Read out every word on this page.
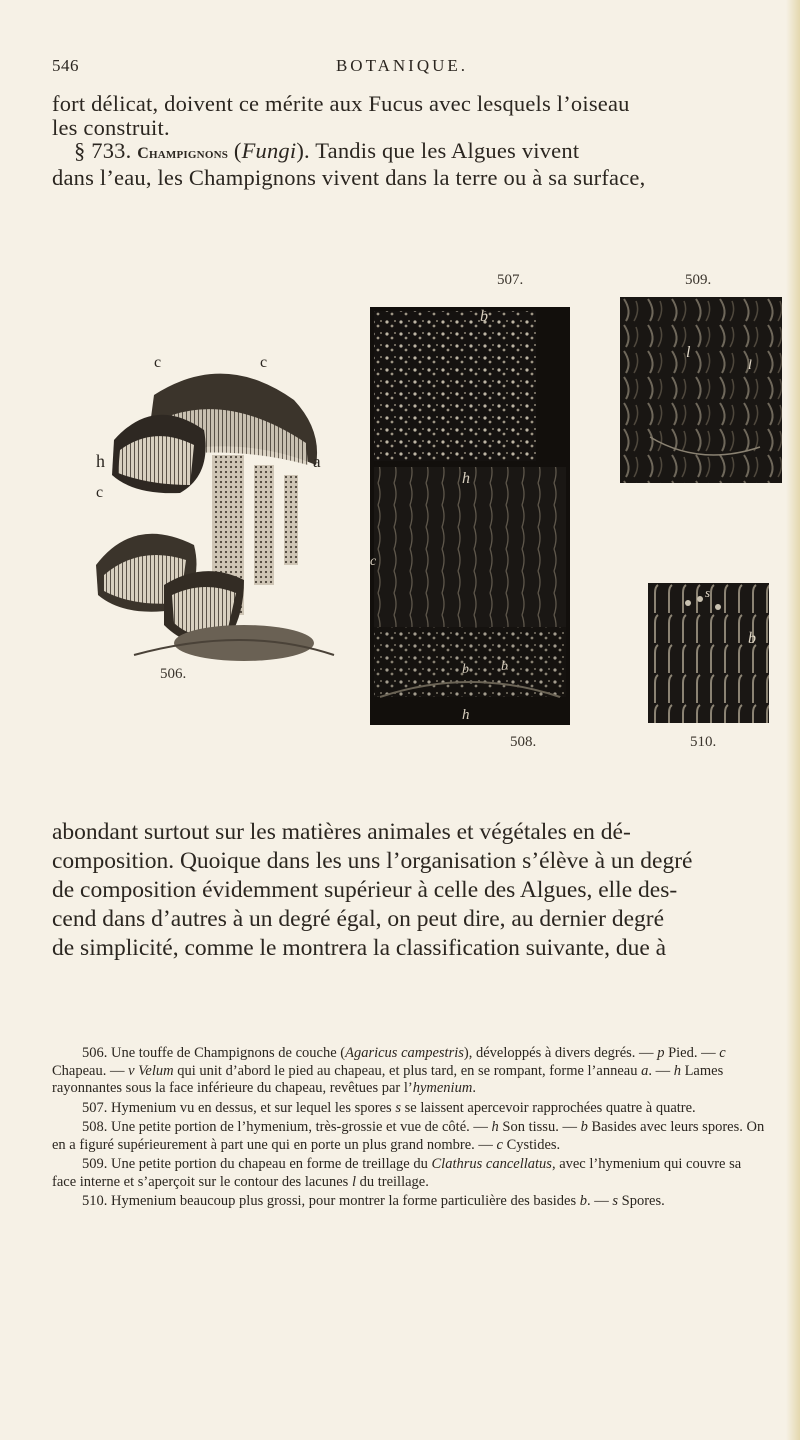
546	BOTANIQUE.

fort délicat, doivent ce mérite aux Fucus avec lesquels l’oiseau

les construit.

§ 733. Champignons (Fungi). Tandis que les Algues vivent

dans l’eau, les Champignons vivent dans la terre ou à sa surface,

507.	509.
c	c
h	a
c
506.
b
h
c
b b
h
508.
l
l
s
b
510.

abondant surtout sur les matières animales et végétales en dé-

composition. Quoique dans les uns l’organisation s’élève à un degré

de composition évidemment supérieur à celle des Algues, elle des-

cend dans d’autres à un degré égal, on peut dire, au dernier degré

de simplicité, comme le montrera la classification suivante, due à

506. Une touffe de Champignons de couche (Agaricus campestris), développés à divers degrés. — p Pied. — c Chapeau. — v Velum qui unit d’abord le pied au chapeau, et plus tard, en se rompant, forme l’anneau a. — h Lames rayonnantes sous la face inférieure du chapeau, revêtues par l’hymenium.

507. Hymenium vu en dessus, et sur lequel les spores s se laissent apercevoir rapprochées quatre à quatre.

508. Une petite portion de l’hymenium, très-grossie et vue de côté. — h Son tissu. — b Basides avec leurs spores. On en a figuré supérieurement à part une qui en porte un plus grand nombre. — c Cystides.

509. Une petite portion du chapeau en forme de treillage du Clathrus cancellatus, avec l’hymenium qui couvre sa face interne et s’aperçoit sur le contour des lacunes l du treillage.

510. Hymenium beaucoup plus grossi, pour montrer la forme particulière des basides b. — s Spores.
